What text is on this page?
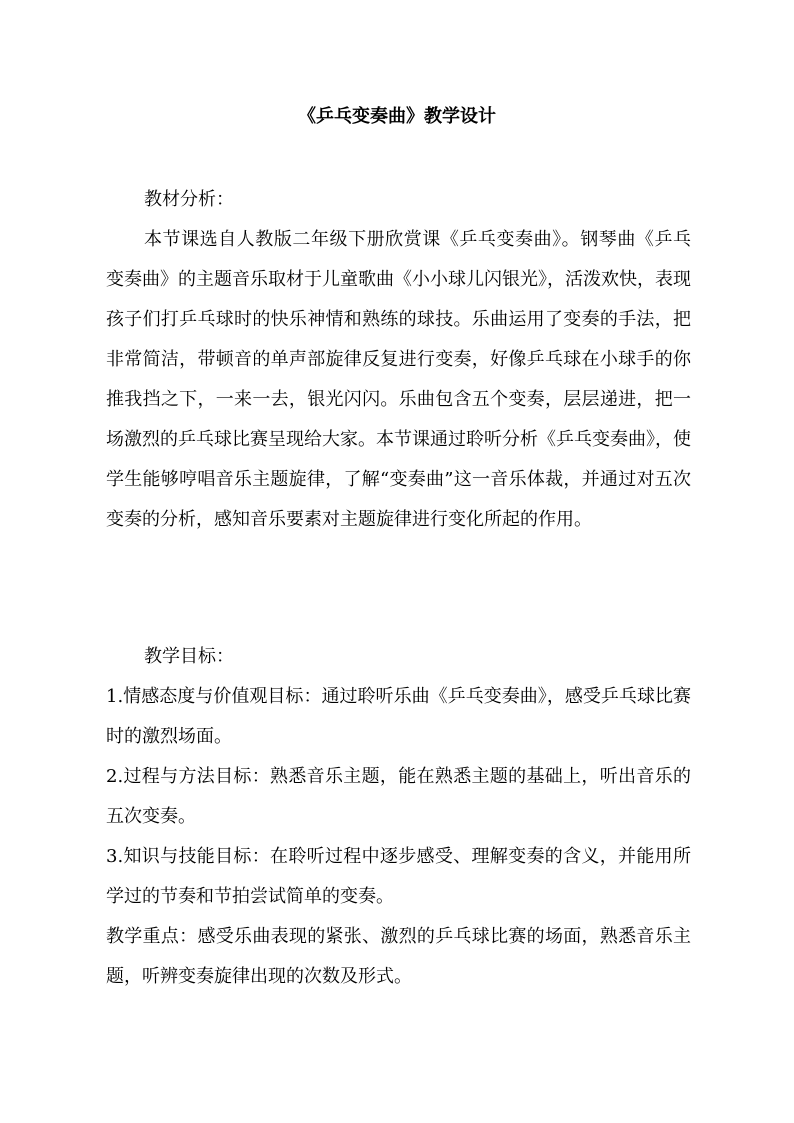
《乒乓变奏曲》教学设计

教材分析：

本节课选自人教版二年级下册欣赏课《乒乓变奏曲》。钢琴曲《乒乓变奏曲》的主题音乐取材于儿童歌曲《小小球儿闪银光》，活泼欢快，表现孩子们打乒乓球时的快乐神情和熟练的球技。乐曲运用了变奏的手法，把非常简洁，带顿音的单声部旋律反复进行变奏，好像乒乓球在小球手的你推我挡之下，一来一去，银光闪闪。乐曲包含五个变奏，层层递进，把一场激烈的乒乓球比赛呈现给大家。本节课通过聆听分析《乒乓变奏曲》，使学生能够哼唱音乐主题旋律，了解“变奏曲”这一音乐体裁，并通过对五次变奏的分析，感知音乐要素对主题旋律进行变化所起的作用。

教学目标：

1.情感态度与价值观目标：通过聆听乐曲《乒乓变奏曲》，感受乒乓球比赛时的激烈场面。

2.过程与方法目标：熟悉音乐主题，能在熟悉主题的基础上，听出音乐的五次变奏。

3.知识与技能目标：在聆听过程中逐步感受、理解变奏的含义，并能用所学过的节奏和节拍尝试简单的变奏。

教学重点：感受乐曲表现的紧张、激烈的乒乓球比赛的场面，熟悉音乐主题，听辨变奏旋律出现的次数及形式。
